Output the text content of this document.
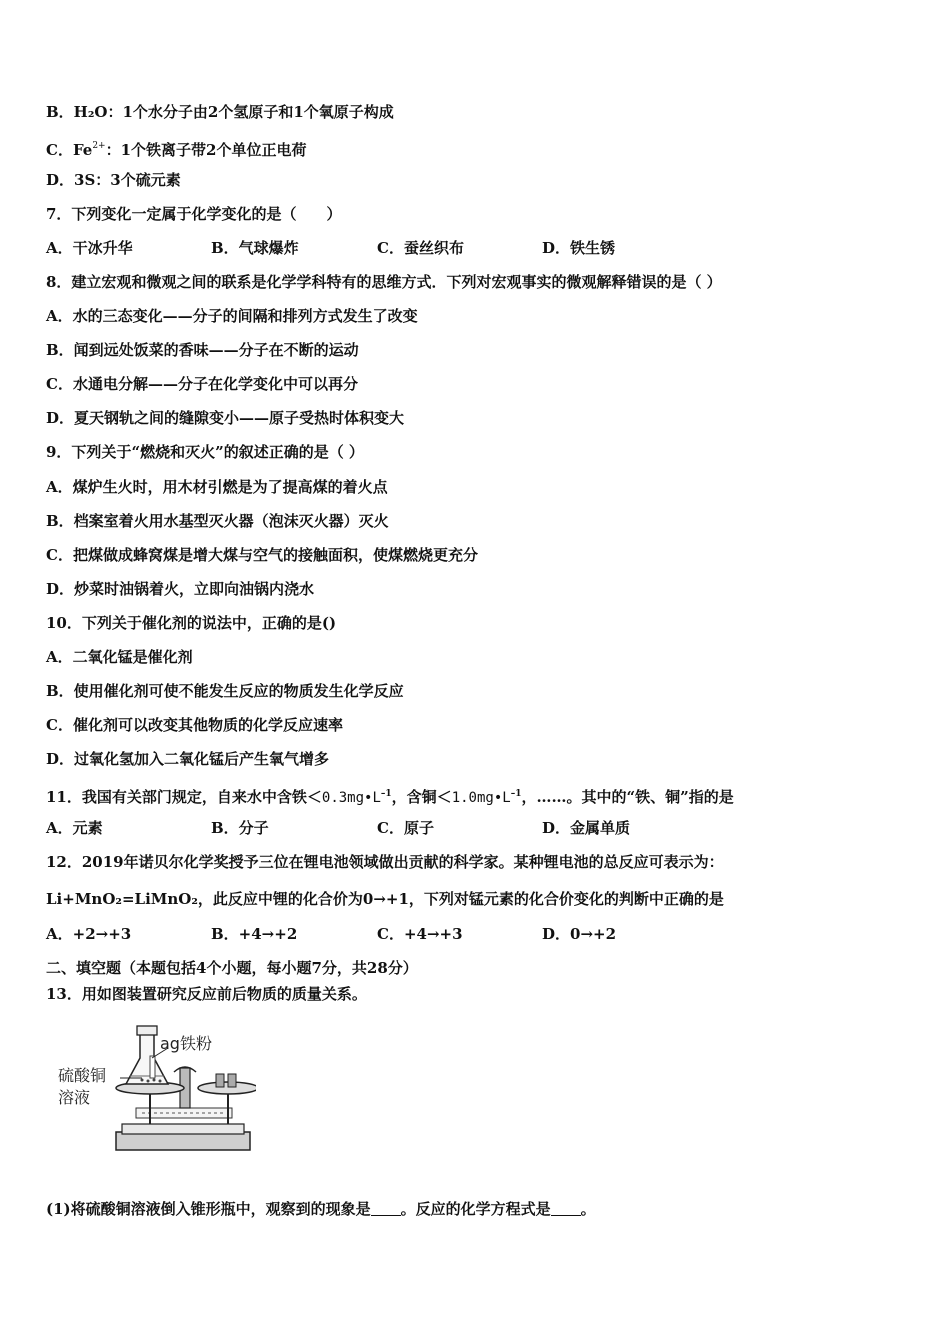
B．H₂O：1个水分子由2个氢原子和1个氧原子构成
C．$Fe^{2+}$：1个铁离子带2个单位正电荷
D．3S：3个硫元素
7．下列变化一定属于化学变化的是（　　）
A．干冰升华	B．气球爆炸	C．蚕丝织布	D．铁生锈
8．建立宏观和微观之间的联系是化学学科特有的思维方式．下列对宏观事实的微观解释错误的是（ ）
A．水的三态变化——分子的间隔和排列方式发生了改变
B．闻到远处饭菜的香味——分子在不断的运动
C．水通电分解——分子在化学变化中可以再分
D．夏天钢轨之间的缝隙变小——原子受热时体积变大
9．下列关于“燃烧和灭火”的叙述正确的是（ ）
A．煤炉生火时，用木材引燃是为了提高煤的着火点
B．档案室着火用水基型灭火器（泡沫灭火器）灭火
C．把煤做成蜂窝煤是增大煤与空气的接触面积，使煤燃烧更充分
D．炒菜时油锅着火，立即向油锅内浇水
10．下列关于催化剂的说法中，正确的是()
A．二氧化锰是催化剂
B．使用催化剂可使不能发生反应的物质发生化学反应
C．催化剂可以改变其他物质的化学反应速率
D．过氧化氢加入二氧化锰后产生氧气增多
11．我国有关部门规定，自来水中含铁$<0.3mg•L^{-1}$，含铜$<1.0mg•L^{-1}$，……。其中的“铁、铜”指的是
A．元素	B．分子	C．原子	D．金属单质
12．2019年诺贝尔化学奖授予三位在锂电池领域做出贡献的科学家。某种锂电池的总反应可表示为：
Li+MnO₂=LiMnO₂，此反应中锂的化合价为0→+1，下列对锰元素的化合价变化的判断中正确的是
A．+2→+3	B．+4→+2	C．+4→+3	D．0→+2
二、填空题（本题包括4个小题，每小题7分，共28分）
13．用如图装置研究反应前后物质的质量关系。
ag铁粉
硫酸铜
溶液
(1)将硫酸铜溶液倒入锥形瓶中，观察到的现象是 。反应的化学方程式是 。
